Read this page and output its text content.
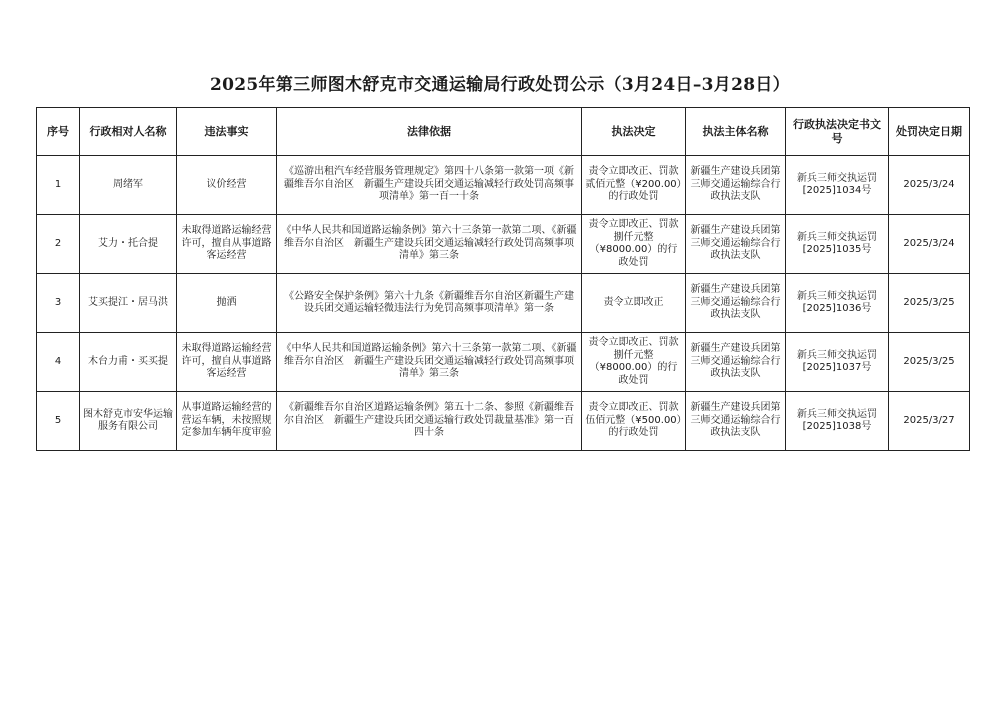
2025年第三师图木舒克市交通运输局行政处罚公示（3月24日–3月28日）
序号	行政相对人名称	违法事实	法律依据	执法决定	执法主体名称	行政执法决定书文号	处罚决定日期
1	周绪军	议价经营	《巡游出租汽车经营服务管理规定》第四十八条第一款第一项《新疆维吾尔自治区　新疆生产建设兵团交通运输减轻行政处罚高频事项清单》第一百一十条	责令立即改正、罚款贰佰元整（¥200.00）的行政处罚	新疆生产建设兵团第三师交通运输综合行政执法支队	新兵三师交执运罚[2025]1034号	2025/3/24
2	艾力・托合提	未取得道路运输经营许可，擅自从事道路客运经营	《中华人民共和国道路运输条例》第六十三条第一款第二项、《新疆维吾尔自治区　新疆生产建设兵团交通运输减轻行政处罚高频事项清单》第三条	责令立即改正、罚款捌仟元整（¥8000.00）的行政处罚	新疆生产建设兵团第三师交通运输综合行政执法支队	新兵三师交执运罚[2025]1035号	2025/3/24
3	艾买提江・居马洪	抛洒	《公路安全保护条例》第六十九条《新疆维吾尔自治区新疆生产建设兵团交通运输轻微违法行为免罚高频事项清单》第一条	责令立即改正	新疆生产建设兵团第三师交通运输综合行政执法支队	新兵三师交执运罚[2025]1036号	2025/3/25
4	木台力甫・买买提	未取得道路运输经营许可，擅自从事道路客运经营	《中华人民共和国道路运输条例》第六十三条第一款第二项、《新疆维吾尔自治区　新疆生产建设兵团交通运输减轻行政处罚高频事项清单》第三条	责令立即改正、罚款捌仟元整（¥8000.00）的行政处罚	新疆生产建设兵团第三师交通运输综合行政执法支队	新兵三师交执运罚[2025]1037号	2025/3/25
5	图木舒克市安华运输服务有限公司	从事道路运输经营的营运车辆，未按照规定参加车辆年度审验	《新疆维吾尔自治区道路运输条例》第五十二条、参照《新疆维吾尔自治区　新疆生产建设兵团交通运输行政处罚裁量基准》第一百四十条	责令立即改正、罚款伍佰元整（¥500.00）的行政处罚	新疆生产建设兵团第三师交通运输综合行政执法支队	新兵三师交执运罚[2025]1038号	2025/3/27
